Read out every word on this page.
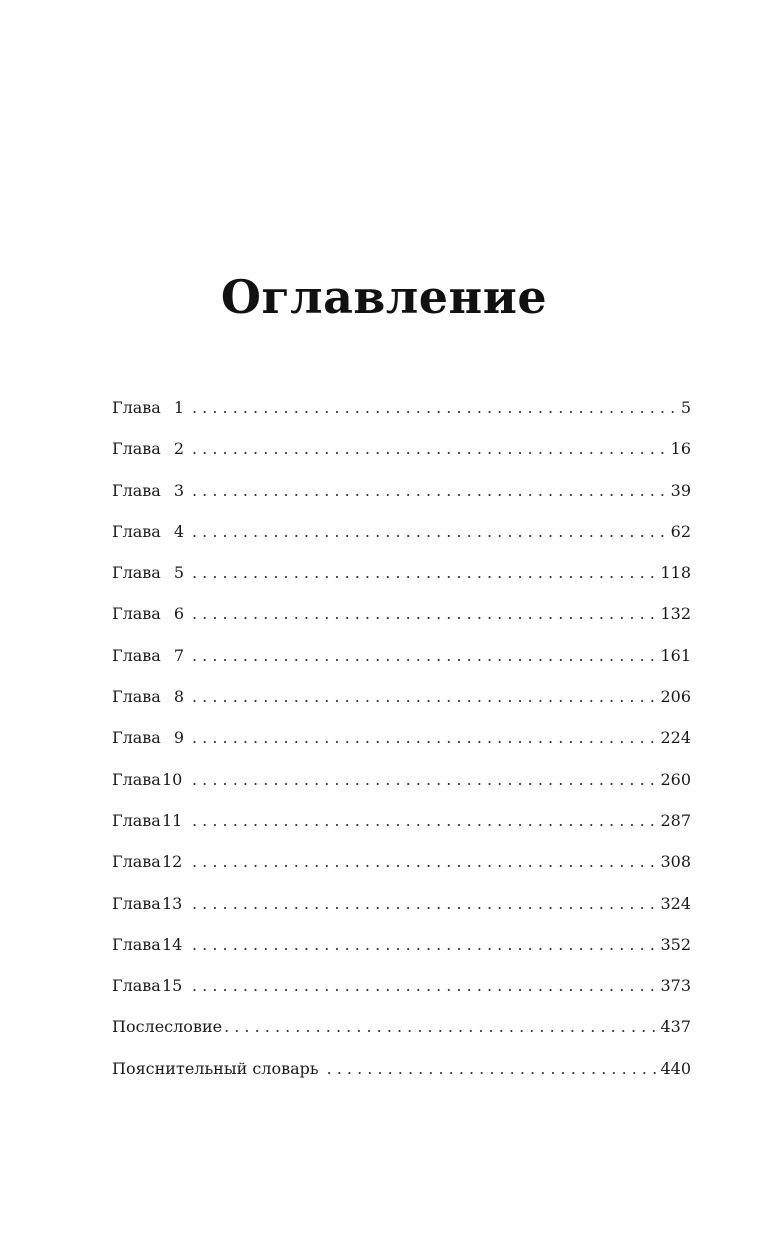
Оглавление
Глава 1 . . .	5
Глава 2 . . .	16
Глава 3 . . .	39
Глава 4 . . .	62
Глава 5 . . .	118
Глава 6 . . .	132
Глава 7 . . .	161
Глава 8 . . .	206
Глава 9 . . .	224
Глава 10 . . .	260
Глава 11 . . .	287
Глава 12 . . .	308
Глава 13 . . .	324
Глава 14 . . .	352
Глава 15 . . .	373
Послесловие . . .	437
Пояснительный словарь . . .	440
